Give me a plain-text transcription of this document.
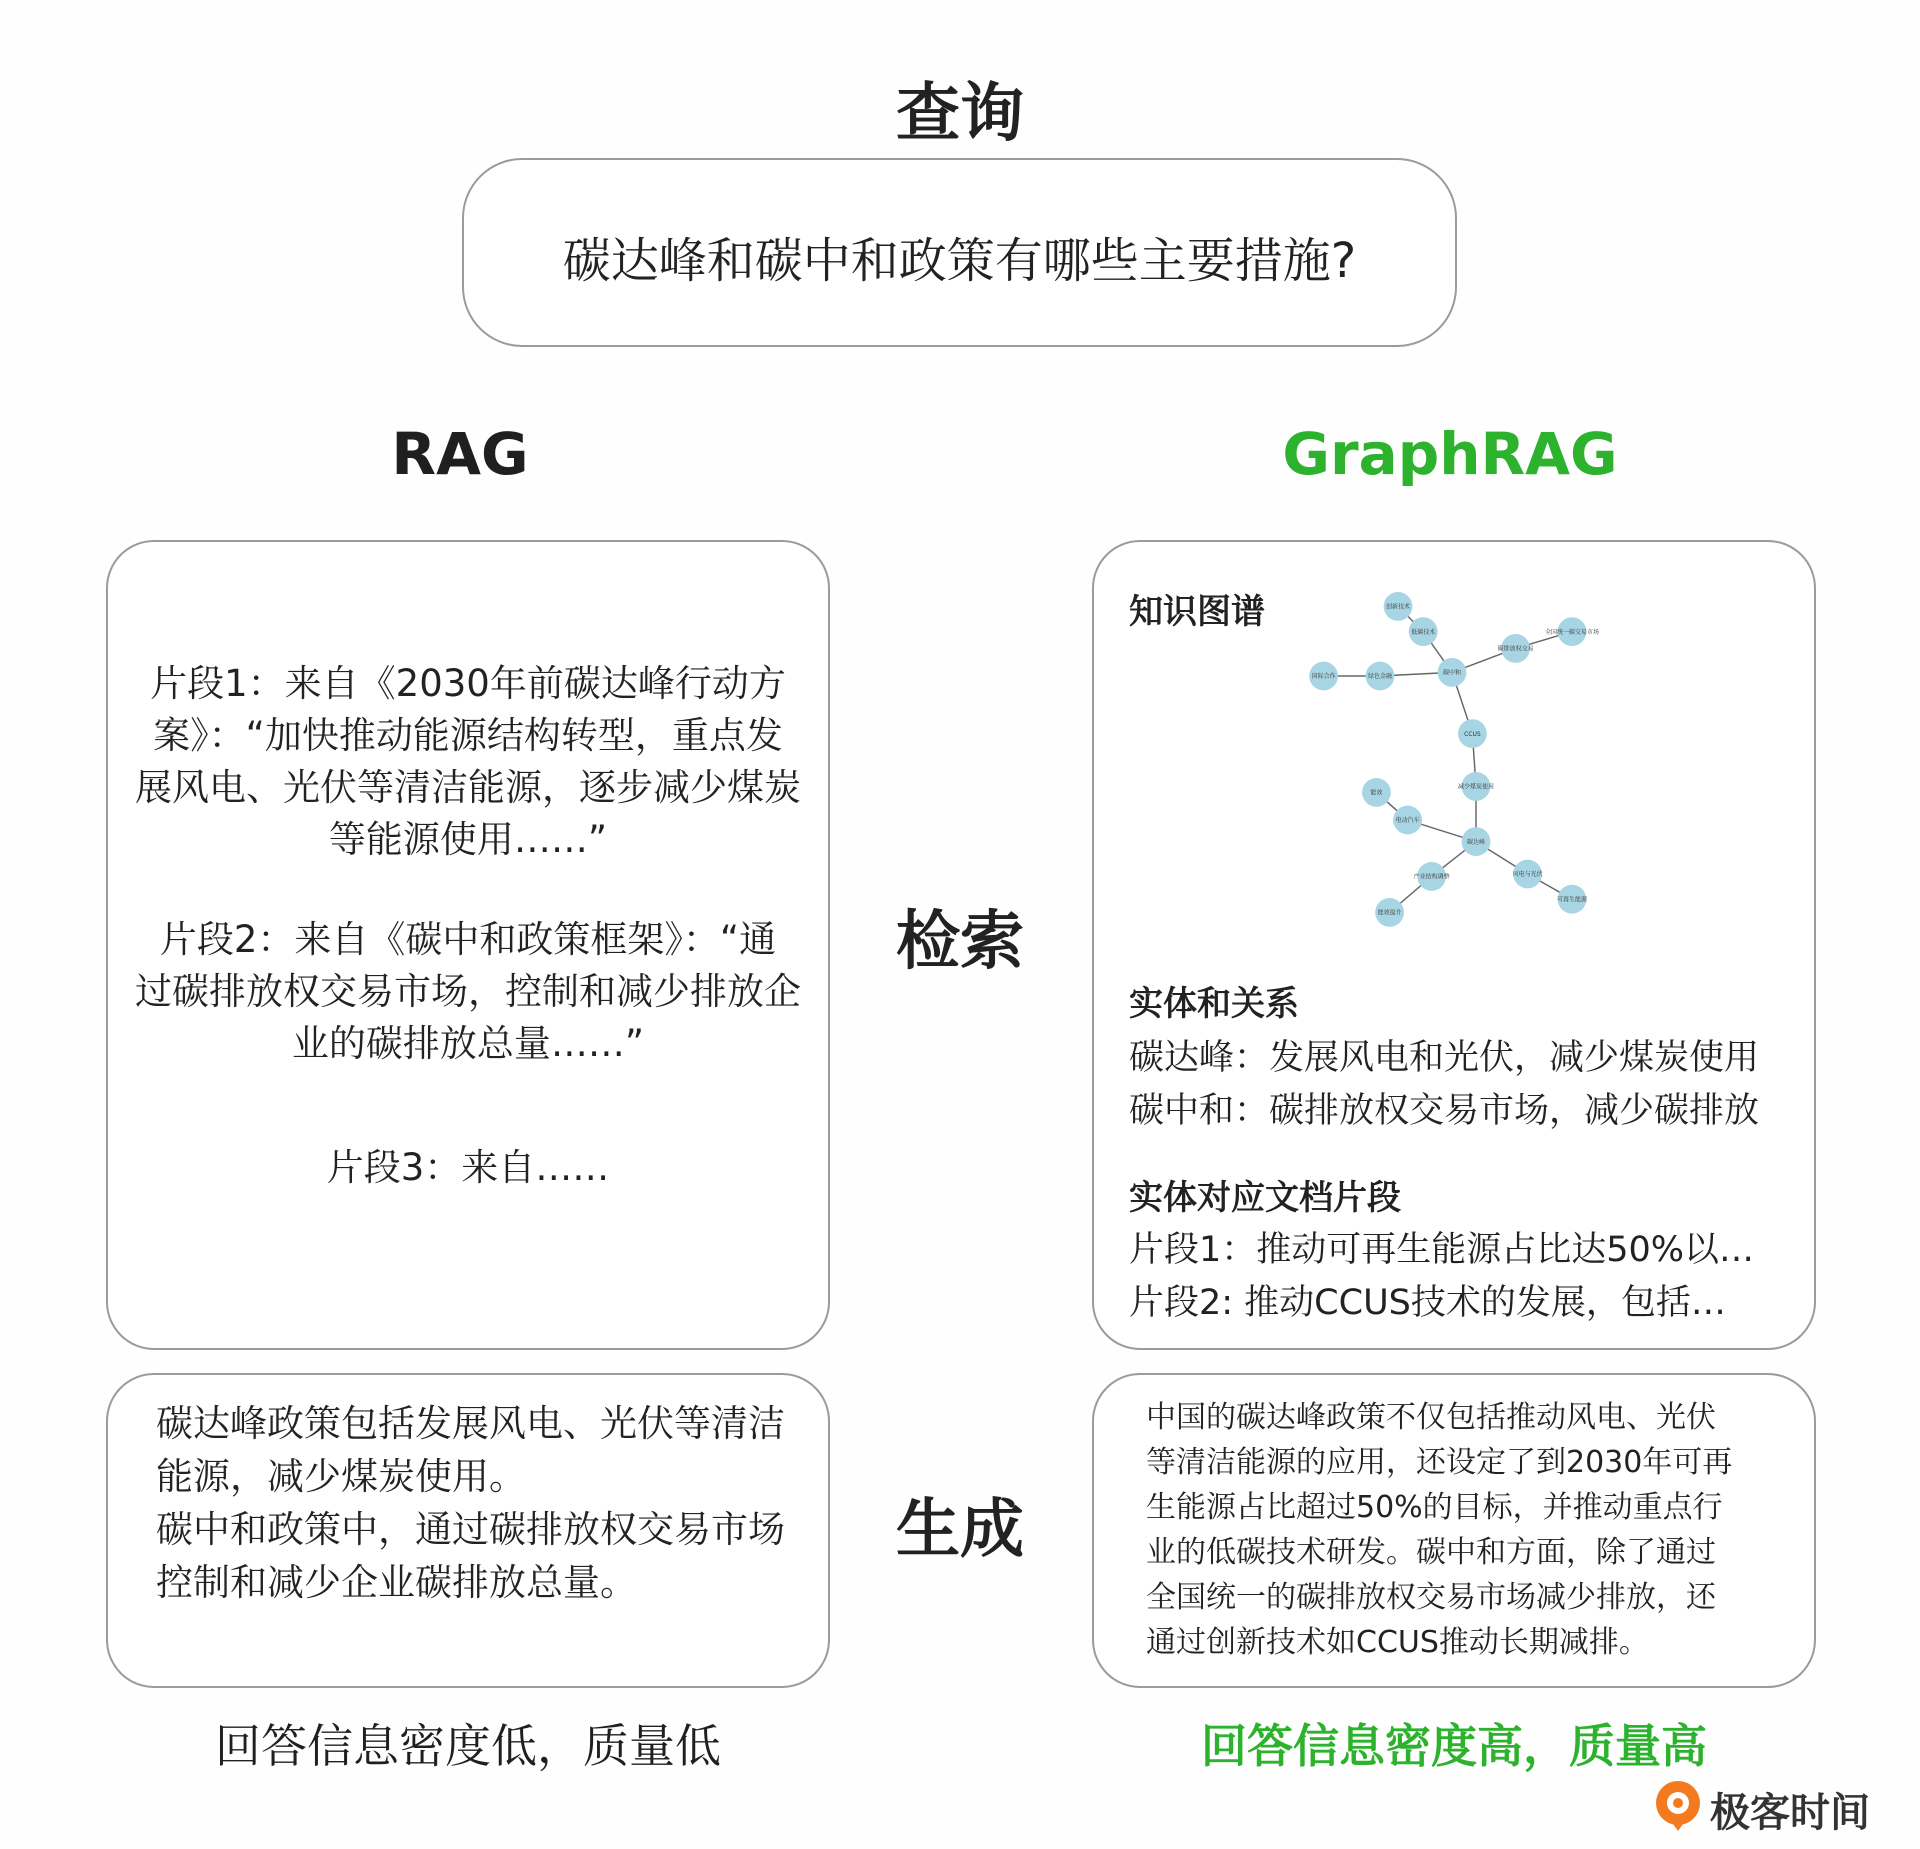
查询
碳达峰和碳中和政策有哪些主要措施?
RAG	GraphRAG
检索
生成
片段1：来自《2030年前碳达峰行动方
案》：“加快推动能源结构转型，重点发
展风电、光伏等清洁能源，逐步减少煤炭
等能源使用……”
片段2：来自《碳中和政策框架》：“通
过碳排放权交易市场，控制和减少排放企
业的碳排放总量……”
片段3：来自……
知识图谱	创新技术
低碳技术
国际合作	绿色金融
碳中和
碳排放权交易
全国统一碳交易市场
CCUS
减少煤炭使用
能效
电动汽车
碳达峰
产业结构调整	风电与光伏
可再生能源
能效提升
实体和关系
碳达峰：发展风电和光伏，减少煤炭使用
碳中和：碳排放权交易市场，减少碳排放
实体对应文档片段
片段1：推动可再生能源占比达50%以…
片段2: 推动CCUS技术的发展，包括…
碳达峰政策包括发展风电、光伏等清洁
能源，减少煤炭使用。
碳中和政策中，通过碳排放权交易市场
控制和减少企业碳排放总量。
中国的碳达峰政策不仅包括推动风电、光伏
等清洁能源的应用，还设定了到2030年可再
生能源占比超过50%的目标，并推动重点行
业的低碳技术研发。碳中和方面，除了通过
全国统一的碳排放权交易市场减少排放，还
通过创新技术如CCUS推动长期减排。
回答信息密度低，质量低	回答信息密度高，质量高
极客时间
